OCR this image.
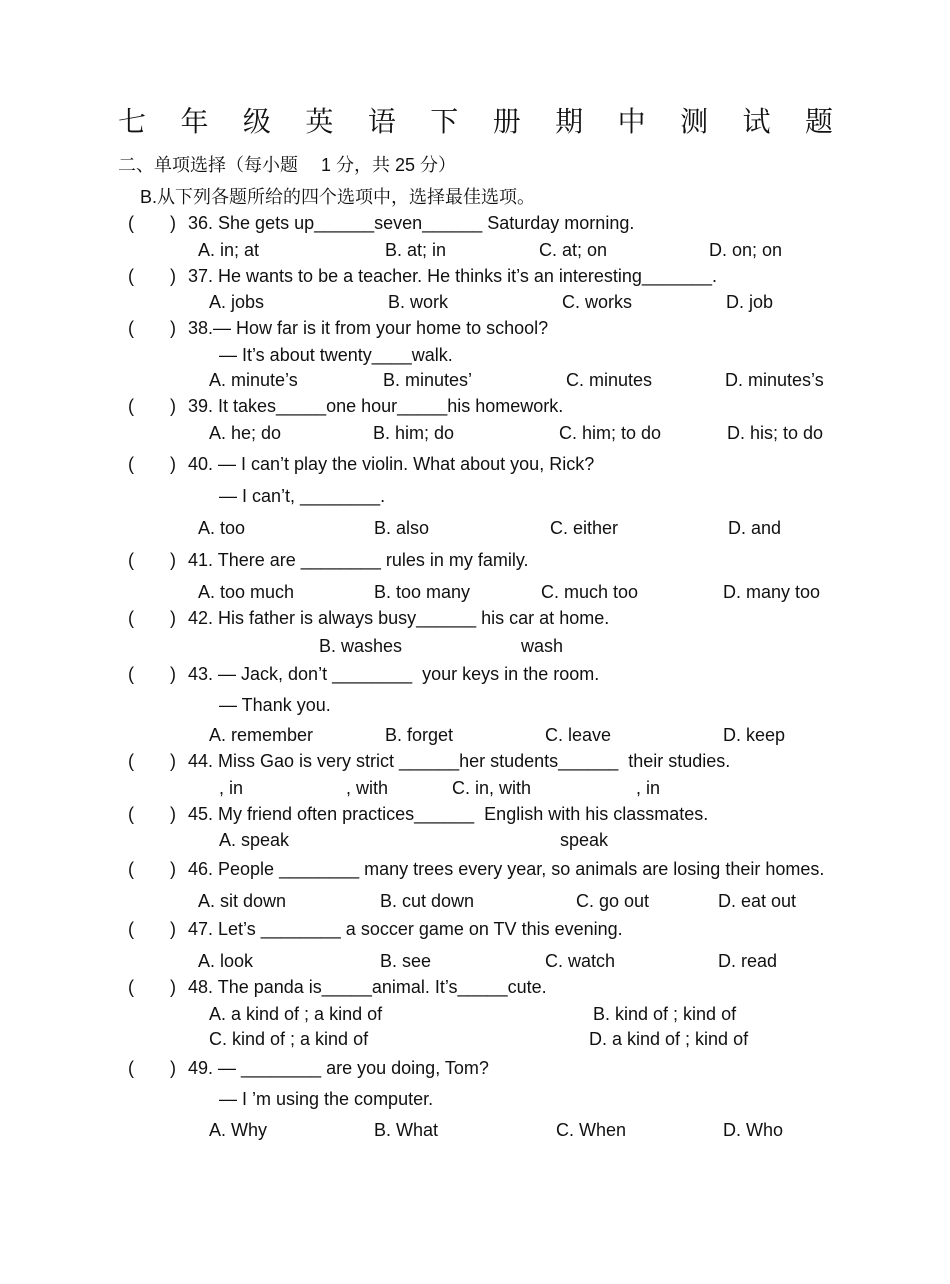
七 年 级 英 语 下 册 期 中 测 试 题
二、单项选择（每小题 　1 分，共 25 分）
B.从下列各题所给的四个选项中，选择最佳选项。
( ) 36. She gets up______seven______ Saturday morning.
A. in; at	B. at; in	C. at; on	D. on; on
( ) 37. He wants to be a teacher. He thinks it’s an interesting_______.
A. jobs	B. work	C. works	D. job
( ) 38.— How far is it from your home to school?
— It’s about twenty____walk.
A. minute’s	B. minutes’	C. minutes	D. minutes’s
( ) 39. It takes_____one hour_____his homework.
A. he; do	B. him; do	C. him; to do	D. his; to do
( ) 40. — I can’t play the violin. What about you, Rick?
— I can’t, ________.
A. too	B. also	C. either	D. and
( ) 41. There are ________ rules in my family.
A. too much	B. too many	C. much too	D. many too
( ) 42. His father is always busy______ his car at home.
B. washes	wash
( ) 43. — Jack, don’t ________  your keys in the room.
— Thank you.
A. remember	B. forget	C. leave	D. keep
( ) 44. Miss Gao is very strict ______her students______  their studies.
, in	, with	C. in, with	, in
( ) 45. My friend often practices______  English with his classmates.
A. speak	speak
( ) 46. People ________ many trees every year, so animals are losing their homes.
A. sit down	B. cut down	C. go out	D. eat out
( ) 47. Let’s ________ a soccer game on TV this evening.
A. look	B. see	C. watch	D. read
( ) 48. The panda is_____animal. It’s_____cute.
A. a kind of ; a kind of	B. kind of ; kind of
C. kind of ; a kind of	D. a kind of ; kind of
( ) 49. — ________ are you doing, Tom?
— I ’m using the computer.
A. Why	B. What	C. When	D. Who
